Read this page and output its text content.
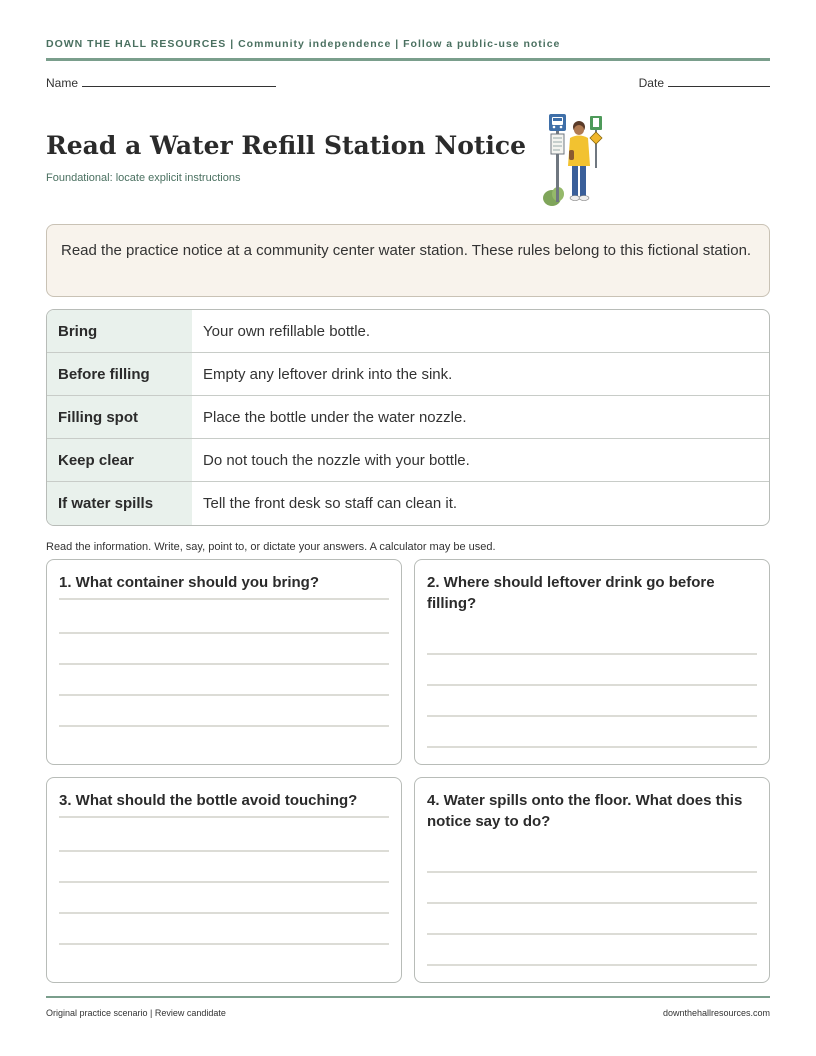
DOWN THE HALL RESOURCES | Community independence | Follow a public-use notice
Name	Date
Read a Water Refill Station Notice
Foundational: locate explicit instructions
Read the practice notice at a community center water station. These rules belong to this fictional station.
Bring	Your own refillable bottle.
Before filling	Empty any leftover drink into the sink.
Filling spot	Place the bottle under the water nozzle.
Keep clear	Do not touch the nozzle with your bottle.
If water spills	Tell the front desk so staff can clean it.
Read the information. Write, say, point to, or dictate your answers. A calculator may be used.
1. What container should you bring?	2. Where should leftover drink go before filling?
3. What should the bottle avoid touching?	4. Water spills onto the floor. What does this notice say to do?
Original practice scenario | Review candidate	downthehallresources.com
